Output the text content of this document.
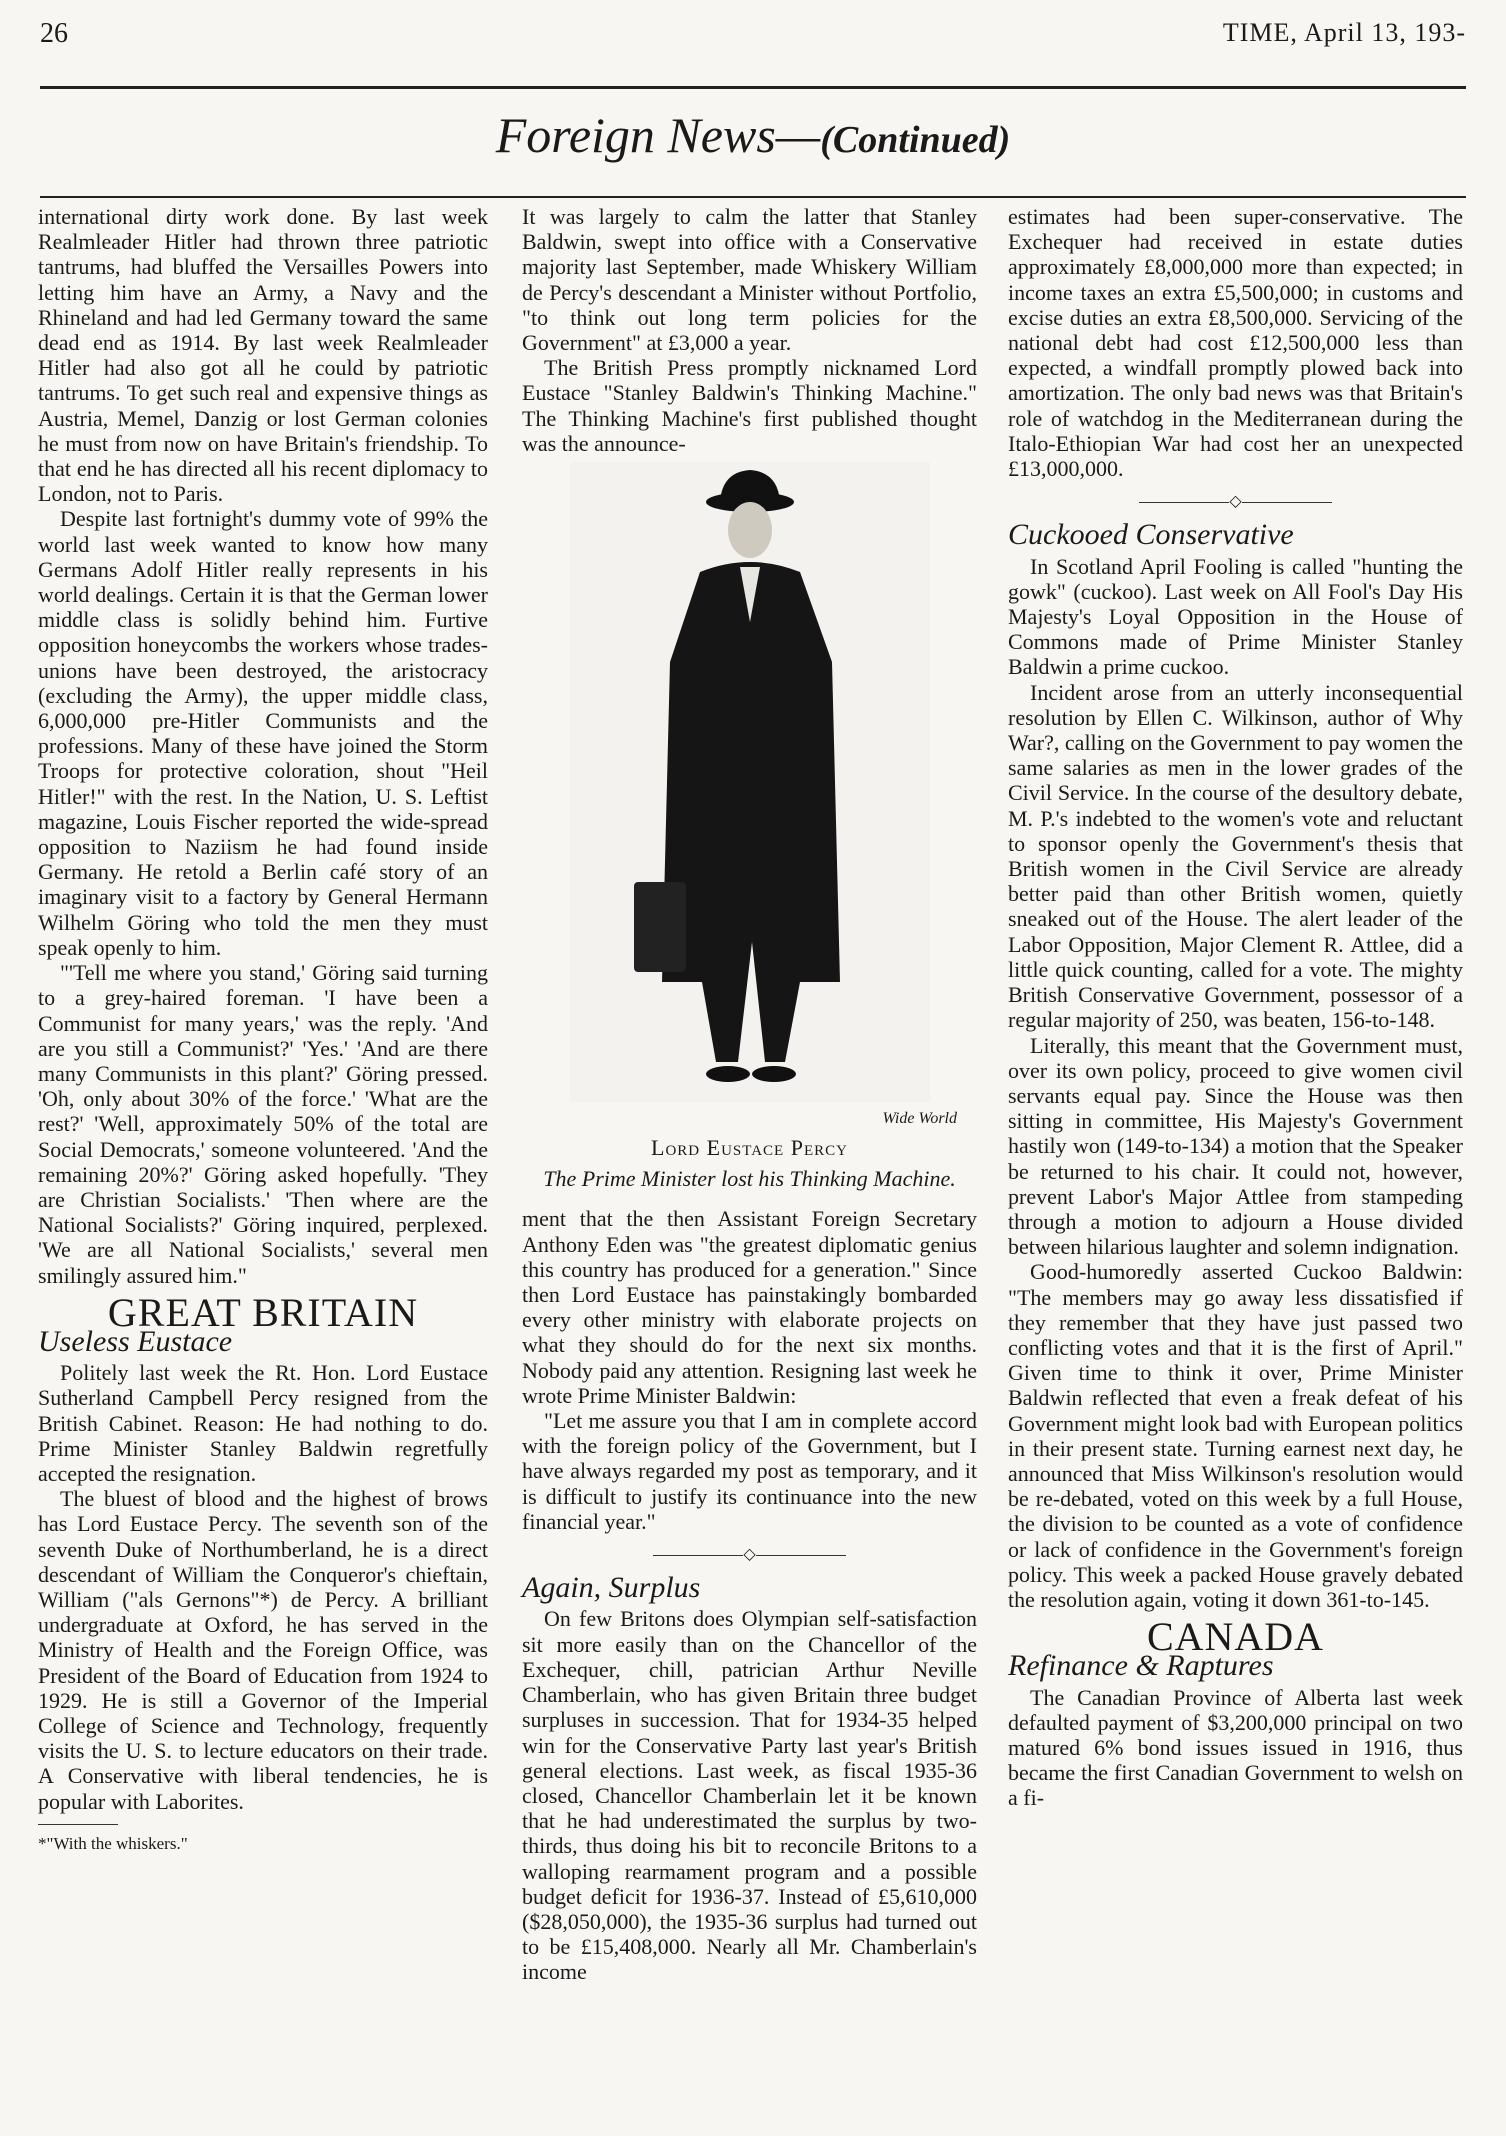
26	TIME, April 13, 193-
Foreign News—(Continued)

international dirty work done. By last week Realmleader Hitler had thrown three patriotic tantrums, had bluffed the Versailles Powers into letting him have an Army, a Navy and the Rhineland and had led Germany toward the same dead end as 1914. By last week Realmleader Hitler had also got all he could by patriotic tantrums. To get such real and expensive things as Austria, Memel, Danzig or lost German colonies he must from now on have Britain's friendship. To that end he has directed all his recent diplomacy to London, not to Paris.

Despite last fortnight's dummy vote of 99% the world last week wanted to know how many Germans Adolf Hitler really represents in his world dealings. Certain it is that the German lower middle class is solidly behind him. Furtive opposition honeycombs the workers whose trades-unions have been destroyed, the aristocracy (excluding the Army), the upper middle class, 6,000,000 pre-Hitler Communists and the professions. Many of these have joined the Storm Troops for protective coloration, shout "Heil Hitler!" with the rest. In the Nation, U. S. Leftist magazine, Louis Fischer reported the wide-spread opposition to Naziism he had found inside Germany. He retold a Berlin café story of an imaginary visit to a factory by General Hermann Wilhelm Göring who told the men they must speak openly to him.

"'Tell me where you stand,' Göring said turning to a grey-haired foreman. 'I have been a Communist for many years,' was the reply. 'And are you still a Communist?' 'Yes.' 'And are there many Communists in this plant?' Göring pressed. 'Oh, only about 30% of the force.' 'What are the rest?' 'Well, approximately 50% of the total are Social Democrats,' someone volunteered. 'And the remaining 20%?' Göring asked hopefully. 'They are Christian Socialists.' 'Then where are the National Socialists?' Göring inquired, perplexed. 'We are all National Socialists,' several men smilingly assured him."

GREAT BRITAIN
Useless Eustace

Politely last week the Rt. Hon. Lord Eustace Sutherland Campbell Percy resigned from the British Cabinet. Reason: He had nothing to do. Prime Minister Stanley Baldwin regretfully accepted the resignation.

The bluest of blood and the highest of brows has Lord Eustace Percy. The seventh son of the seventh Duke of Northumberland, he is a direct descendant of William the Conqueror's chieftain, William ("als Gernons"*) de Percy. A brilliant undergraduate at Oxford, he has served in the Ministry of Health and the Foreign Office, was President of the Board of Education from 1924 to 1929. He is still a Governor of the Imperial College of Science and Technology, frequently visits the U. S. to lecture educators on their trade. A Conservative with liberal tendencies, he is popular with Laborites.

*"With the whiskers."

It was largely to calm the latter that Stanley Baldwin, swept into office with a Conservative majority last September, made Whiskery William de Percy's descendant a Minister without Portfolio, "to think out long term policies for the Government" at £3,000 a year.

The British Press promptly nicknamed Lord Eustace "Stanley Baldwin's Thinking Machine." The Thinking Machine's first published thought was the announce-

Wide World
Lord Eustace Percy
The Prime Minister lost his Thinking Machine.

ment that the then Assistant Foreign Secretary Anthony Eden was "the greatest diplomatic genius this country has produced for a generation." Since then Lord Eustace has painstakingly bombarded every other ministry with elaborate projects on what they should do for the next six months. Nobody paid any attention. Resigning last week he wrote Prime Minister Baldwin:

"Let me assure you that I am in complete accord with the foreign policy of the Government, but I have always regarded my post as temporary, and it is difficult to justify its continuance into the new financial year."

◇
Again, Surplus

On few Britons does Olympian self-satisfaction sit more easily than on the Chancellor of the Exchequer, chill, patrician Arthur Neville Chamberlain, who has given Britain three budget surpluses in succession. That for 1934-35 helped win for the Conservative Party last year's British general elections. Last week, as fiscal 1935-36 closed, Chancellor Chamberlain let it be known that he had underestimated the surplus by two-thirds, thus doing his bit to reconcile Britons to a walloping rearmament program and a possible budget deficit for 1936-37. Instead of £5,610,000 ($28,050,000), the 1935-36 surplus had turned out to be £15,408,000. Nearly all Mr. Chamberlain's income

estimates had been super-conservative. The Exchequer had received in estate duties approximately £8,000,000 more than expected; in income taxes an extra £5,500,000; in customs and excise duties an extra £8,500,000. Servicing of the national debt had cost £12,500,000 less than expected, a windfall promptly plowed back into amortization. The only bad news was that Britain's role of watchdog in the Mediterranean during the Italo-Ethiopian War had cost her an unexpected £13,000,000.

◇
Cuckooed Conservative

In Scotland April Fooling is called "hunting the gowk" (cuckoo). Last week on All Fool's Day His Majesty's Loyal Opposition in the House of Commons made of Prime Minister Stanley Baldwin a prime cuckoo.

Incident arose from an utterly inconsequential resolution by Ellen C. Wilkinson, author of Why War?, calling on the Government to pay women the same salaries as men in the lower grades of the Civil Service. In the course of the desultory debate, M. P.'s indebted to the women's vote and reluctant to sponsor openly the Government's thesis that British women in the Civil Service are already better paid than other British women, quietly sneaked out of the House. The alert leader of the Labor Opposition, Major Clement R. Attlee, did a little quick counting, called for a vote. The mighty British Conservative Government, possessor of a regular majority of 250, was beaten, 156-to-148.

Literally, this meant that the Government must, over its own policy, proceed to give women civil servants equal pay. Since the House was then sitting in committee, His Majesty's Government hastily won (149-to-134) a motion that the Speaker be returned to his chair. It could not, however, prevent Labor's Major Attlee from stampeding through a motion to adjourn a House divided between hilarious laughter and solemn indignation.

Good-humoredly asserted Cuckoo Baldwin: "The members may go away less dissatisfied if they remember that they have just passed two conflicting votes and that it is the first of April." Given time to think it over, Prime Minister Baldwin reflected that even a freak defeat of his Government might look bad with European politics in their present state. Turning earnest next day, he announced that Miss Wilkinson's resolution would be re-debated, voted on this week by a full House, the division to be counted as a vote of confidence or lack of confidence in the Government's foreign policy. This week a packed House gravely debated the resolution again, voting it down 361-to-145.

CANADA
Refinance & Raptures

The Canadian Province of Alberta last week defaulted payment of $3,200,000 principal on two matured 6% bond issues issued in 1916, thus became the first Canadian Government to welsh on a fi-
